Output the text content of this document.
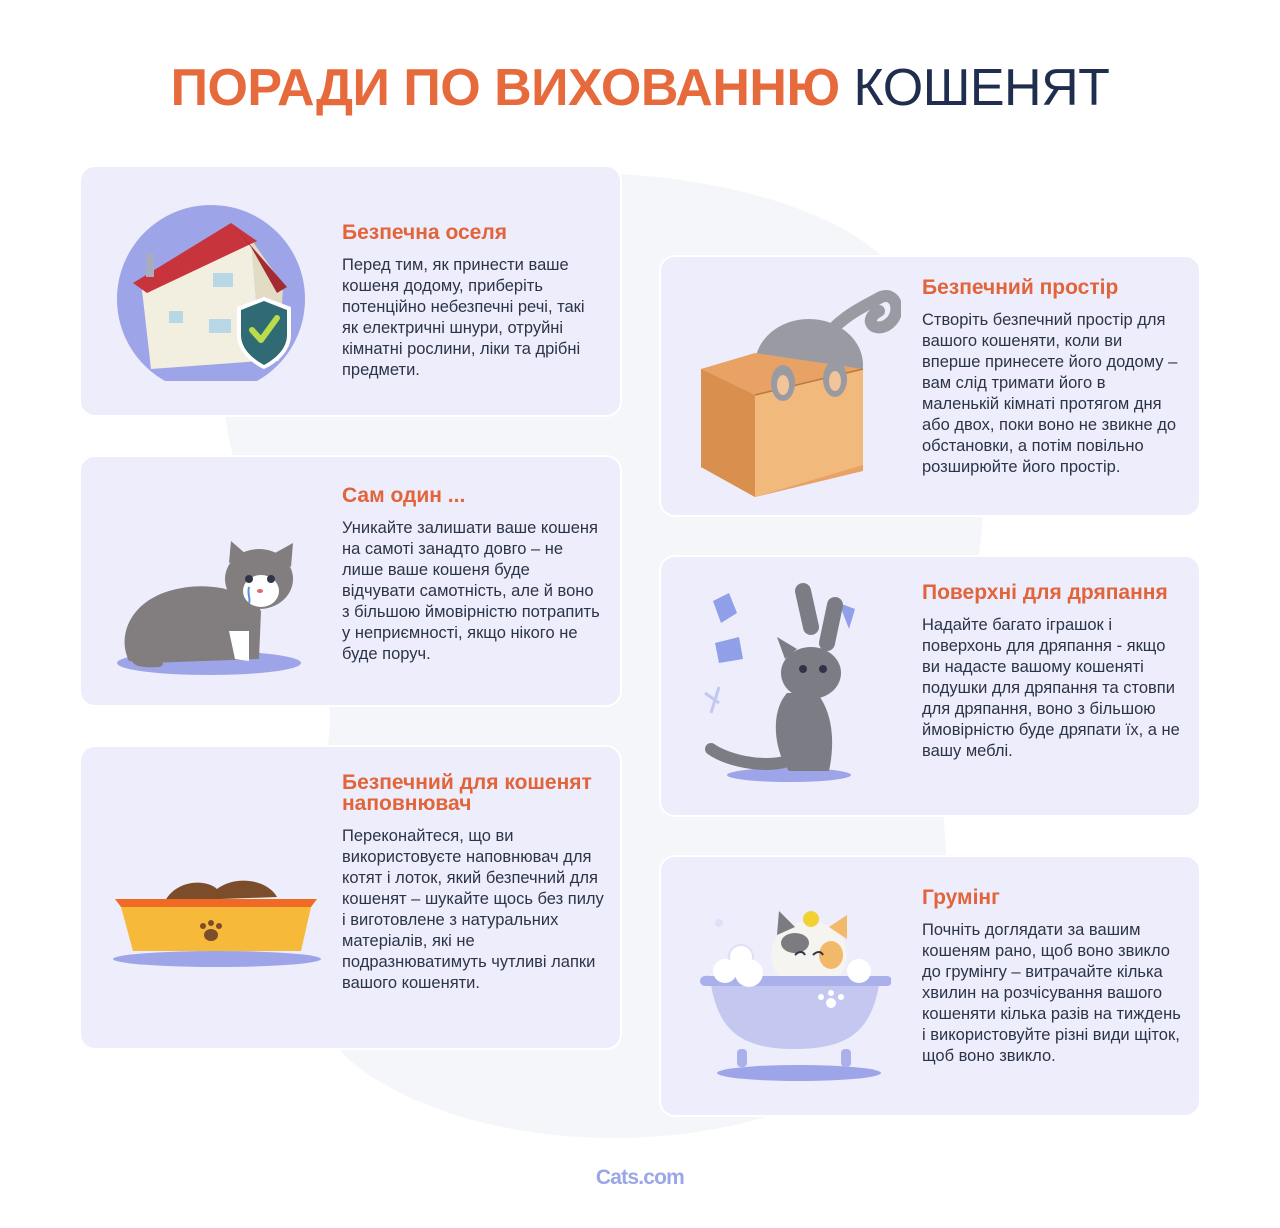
ПОРАДИ ПО ВИХОВАННЮ КОШЕНЯТ
Безпечна оселя

Перед тим, як принести ваше кошеня додому, приберіть потенційно небезпечні речі, такі як електричні шнури, отруйні кімнатні рослини, ліки та дрібні предмети.

Безпечний простір

Створіть безпечний простір для вашого кошеняти, коли ви вперше принесете його додому – вам слід тримати його в маленькій кімнаті протягом дня або двох, поки воно не звикне до обстановки, а потім повільно розширюйте його простір.

Сам один ...

Уникайте залишати ваше кошеня на самоті занадто довго – не лише ваше кошеня буде відчувати самотність, але й воно з більшою ймовірністю потрапить у неприємності, якщо нікого не буде поруч.

Поверхні для дряпання

Надайте багато іграшок і поверхонь для дряпання - якщо ви надасте вашому кошеняті подушки для дряпання та стовпи для дряпання, воно з більшою ймовірністю буде дряпати їх, а не вашу меблі.

Безпечний для кошенят наповнювач

Переконайтеся, що ви використовуєте наповнювач для котят і лоток, який безпечний для кошенят – шукайте щось без пилу і виготовлене з натуральних матеріалів, які не подразнюватимуть чутливі лапки вашого кошеняти.

Грумінг

Почніть доглядати за вашим кошеням рано, щоб воно звикло до грумінгу – витрачайте кілька хвилин на розчісування вашого кошеняти кілька разів на тиждень і використовуйте різні види щіток, щоб воно звикло.

Cats.com
